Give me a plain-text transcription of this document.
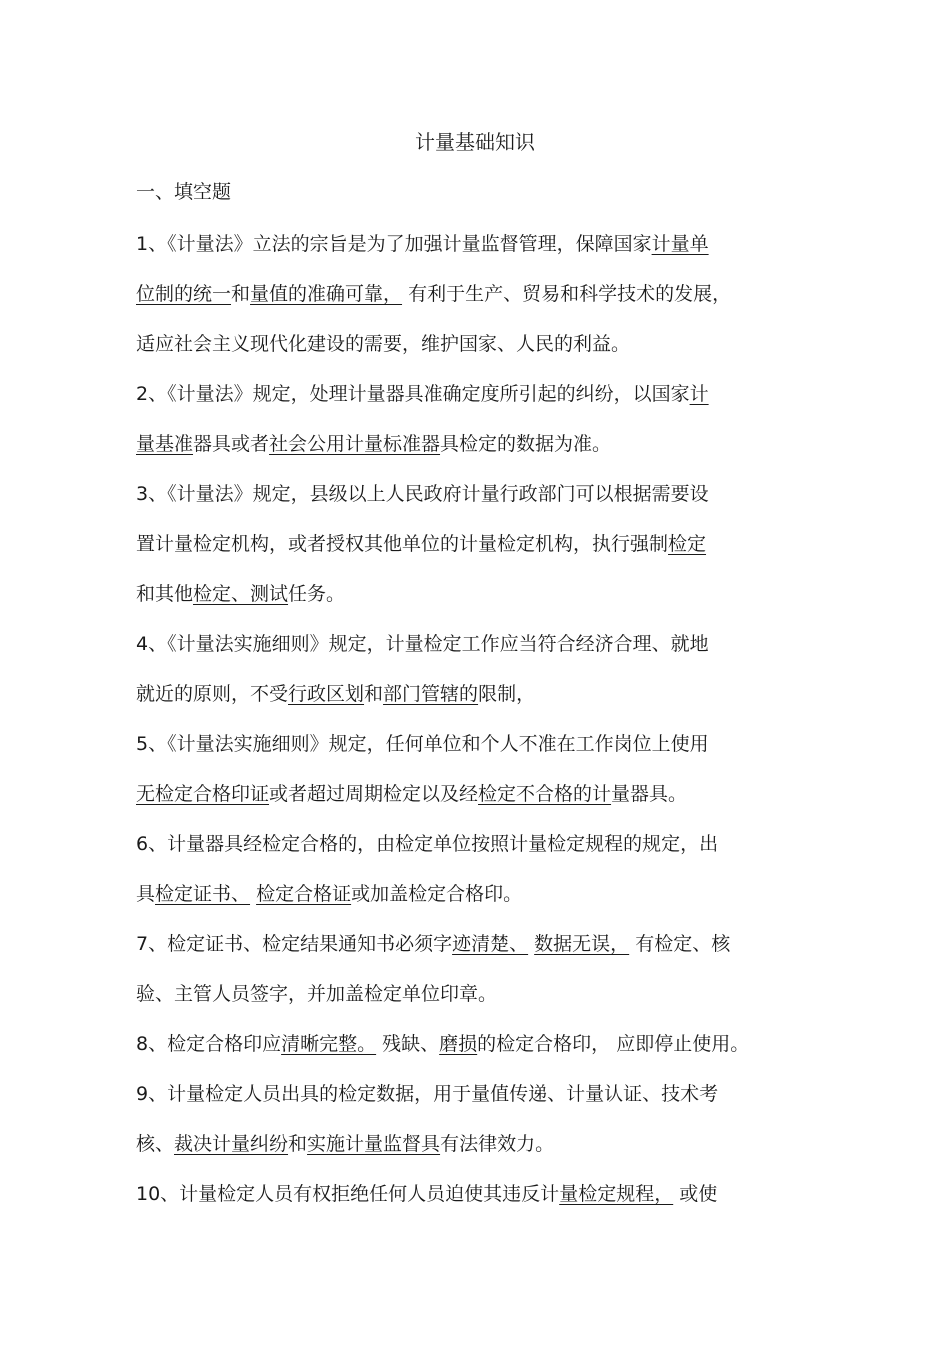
计量基础知识
一、填空题
1、《计量法》立法的宗旨是为了加强计量监督管理，保障国家计量单
位制的统一和量值的准确可靠， 有利于生产、贸易和科学技术的发展，
适应社会主义现代化建设的需要，维护国家、人民的利益。
2、《计量法》规定，处理计量器具准确定度所引起的纠纷，以国家计
量基准器具或者社会公用计量标准器具检定的数据为准。
3、《计量法》规定，县级以上人民政府计量行政部门可以根据需要设
置计量检定机构，或者授权其他单位的计量检定机构，执行强制检定
和其他检定、测试任务。
4、《计量法实施细则》规定，计量检定工作应当符合经济合理、就地
就近的原则，不受行政区划和部门管辖的限制，
5、《计量法实施细则》规定，任何单位和个人不准在工作岗位上使用
无检定合格印证或者超过周期检定以及经检定不合格的计量器具。
6、计量器具经检定合格的，由检定单位按照计量检定规程的规定，出
具检定证书、 检定合格证或加盖检定合格印。
7、检定证书、检定结果通知书必须字迹清楚、 数据无误， 有检定、核
验、主管人员签字，并加盖检定单位印章。
8、检定合格印应清晰完整。 残缺、磨损的检定合格印， 应即停止使用。
9、计量检定人员出具的检定数据，用于量值传递、计量认证、技术考
核、裁决计量纠纷和实施计量监督具有法律效力。
10、计量检定人员有权拒绝任何人员迫使其违反计量检定规程， 或使
